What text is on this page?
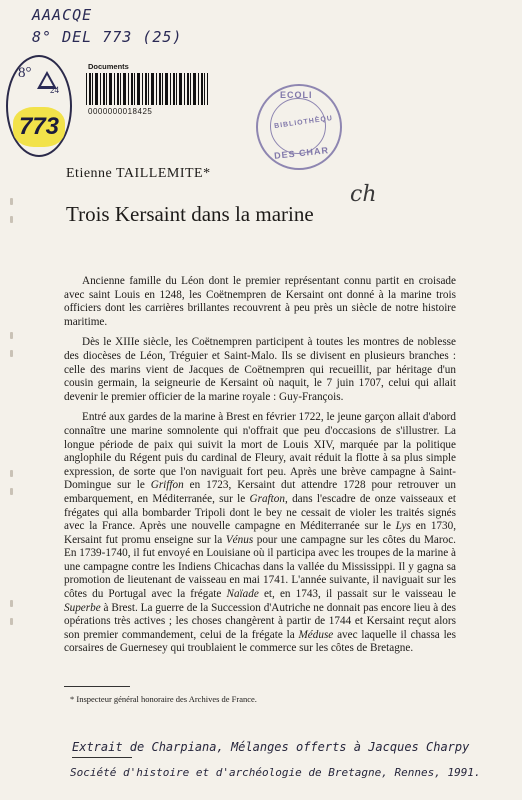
AAACQE
8° DEL 773 (25)
8°
24
773
Documents
0000000018425
ECOLI
BIBLIOTHÈQU
DES CHAR
Etienne TAILLEMITE*
Trois Kersaint dans la marine
ch

Ancienne famille du Léon dont le premier représentant connu partit en croisade avec saint Louis en 1248, les Coëtnempren de Kersaint ont donné à la marine trois officiers dont les carrières brillantes recouvrent à peu près un siècle de notre histoire maritime.

Dès le XIIIe siècle, les Coëtnempren participent à toutes les montres de noblesse des diocèses de Léon, Tréguier et Saint-Malo. Ils se divisent en plusieurs branches : celle des marins vient de Jacques de Coëtnempren qui recueillit, par héritage d'un cousin germain, la seigneurie de Kersaint où naquit, le 7 juin 1707, celui qui allait devenir le premier officier de la marine royale : Guy-François.

Entré aux gardes de la marine à Brest en février 1722, le jeune garçon allait d'abord connaître une marine somnolente qui n'offrait que peu d'occasions de s'illustrer. La longue période de paix qui suivit la mort de Louis XIV, marquée par la politique anglophile du Régent puis du cardinal de Fleury, avait réduit la flotte à sa plus simple expression, de sorte que l'on naviguait fort peu. Après une brève campagne à Saint-Domingue sur le Griffon en 1723, Kersaint dut attendre 1728 pour retrouver un embarquement, en Méditerranée, sur le Grafton, dans l'escadre de onze vaisseaux et frégates qui alla bombarder Tripoli dont le bey ne cessait de violer les traités signés avec la France. Après une nouvelle campagne en Méditerranée sur le Lys en 1730, Kersaint fut promu enseigne sur la Vénus pour une campagne sur les côtes du Maroc. En 1739-1740, il fut envoyé en Louisiane où il participa avec les troupes de la marine à une campagne contre les Indiens Chicachas dans la vallée du Mississippi. Il y gagna sa promotion de lieutenant de vaisseau en mai 1741. L'année suivante, il naviguait sur les côtes du Portugal avec la frégate Naïade et, en 1743, il passait sur le vaisseau le Superbe à Brest. La guerre de la Succession d'Autriche ne donnait pas encore lieu à des opérations très actives ; les choses changèrent à partir de 1744 et Kersaint reçut alors son premier commandement, celui de la frégate la Méduse avec laquelle il chassa les corsaires de Guernesey qui troublaient le commerce sur les côtes de Bretagne.

* Inspecteur général honoraire des Archives de France.
Extrait de Charpiana, Mélanges offerts à Jacques Charpy
Société d'histoire et d'archéologie de Bretagne, Rennes, 1991.
